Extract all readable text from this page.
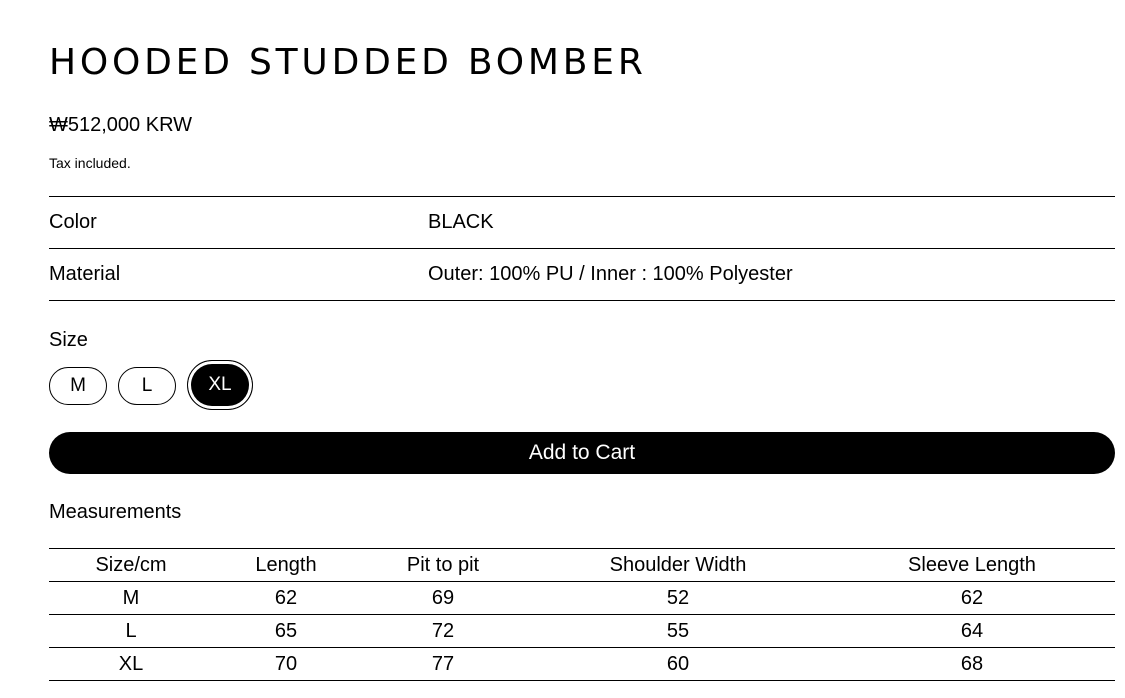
HOODED STUDDED BOMBER
₩512,000 KRW
Tax included.
Color	BLACK
Material	Outer: 100% PU / Inner : 100% Polyester
Size
M	L	XL
Add to Cart
Measurements
Size/cm	Length	Pit to pit	Shoulder Width	Sleeve Length
M	62	69	52	62
L	65	72	55	64
XL	70	77	60	68
